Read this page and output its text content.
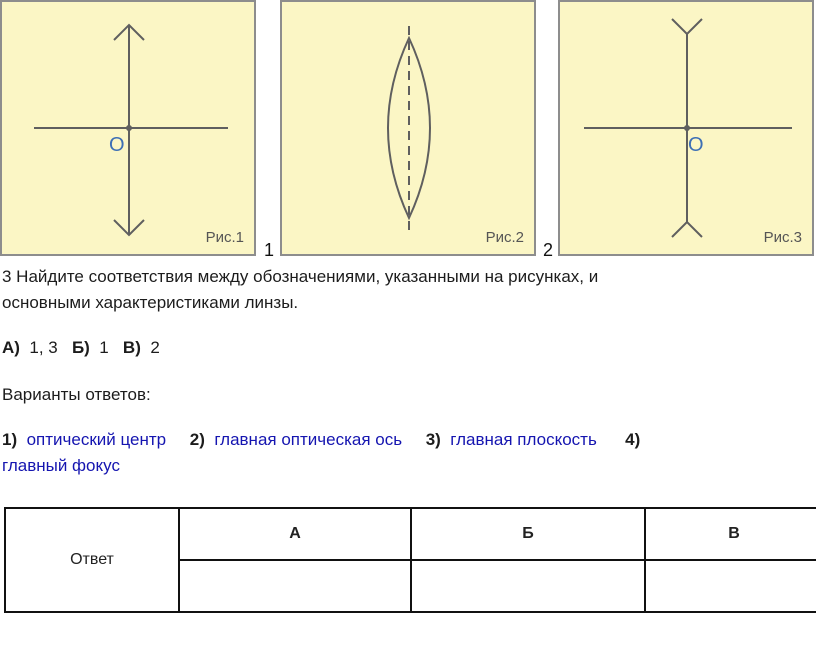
O
Рис.1
1
Рис.2
2
O
Рис.3
3 Найдите соответствия между обозначениями, указанными на рисунках, и
основными характеристиками линзы.
А) 1, 3 Б) 1 В) 2
Варианты ответов:
1) оптический центр 2) главная оптическая ось 3) главная плоскость 4)
главный фокус
Ответ	А	Б	В
